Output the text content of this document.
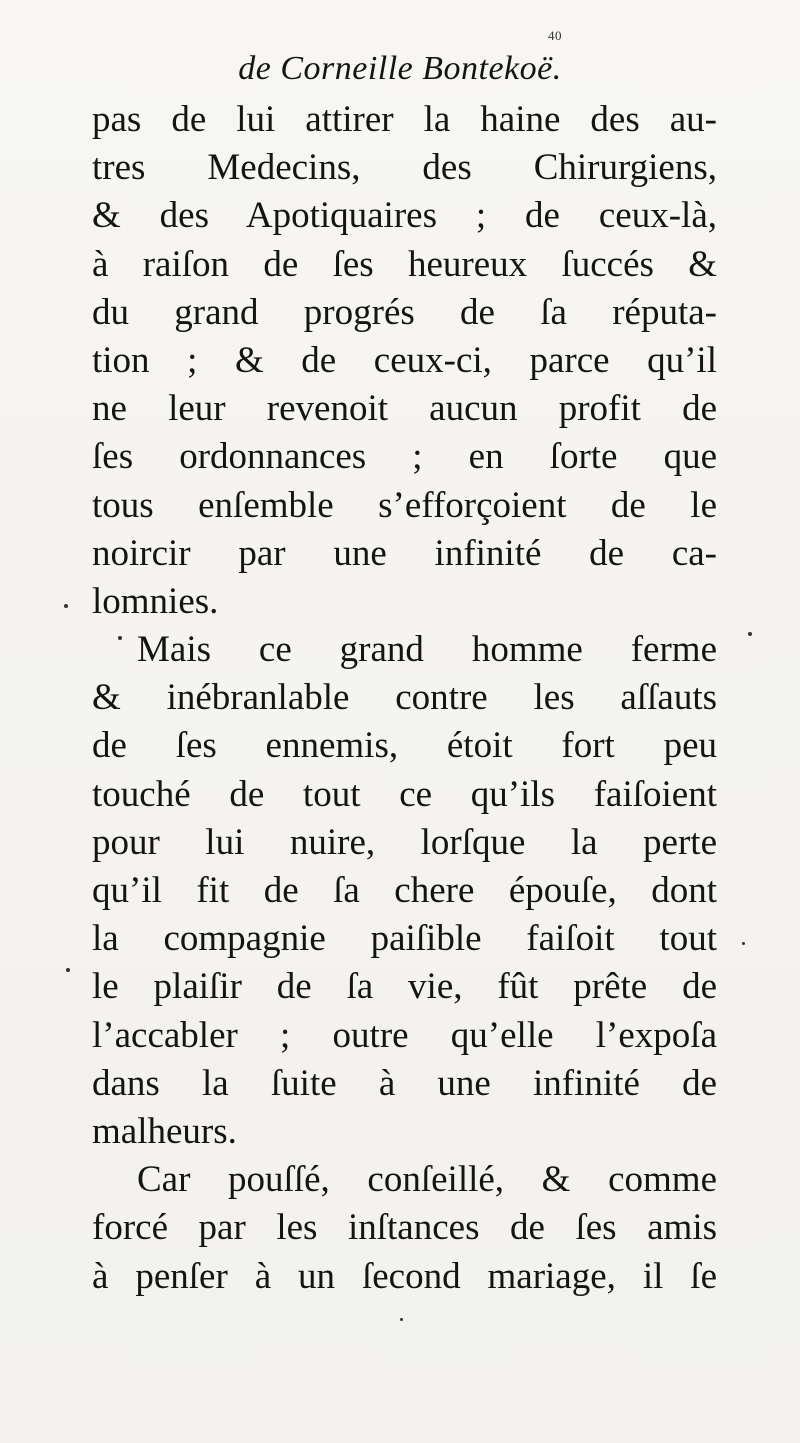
de Corneille Bontekoë.
40
pas de lui attirer la haine des au-
tres Medecins, des Chirurgiens,
& des Apotiquaires ; de ceux-là,
à raiſon de ſes heureux ſuccés &
du grand progrés de ſa réputa-
tion ; & de ceux-ci, parce qu’il
ne leur revenoit aucun profit de
ſes ordonnances ; en ſorte que
tous enſemble s’efforçoient de le
noircir par une infinité de ca-
lomnies.
Mais ce grand homme ferme
& inébranlable contre les aſſauts
de ſes ennemis, étoit fort peu
touché de tout ce qu’ils faiſoient
pour lui nuire, lorſque la perte
qu’il fit de ſa chere épouſe, dont
la compagnie paiſible faiſoit tout
le plaiſir de ſa vie, fût prête de
l’accabler ; outre qu’elle l’expoſa
dans la ſuite à une infinité de
malheurs.
Car pouſſé, conſeillé, & comme
forcé par les inſtances de ſes amis
à penſer à un ſecond mariage, il ſe
